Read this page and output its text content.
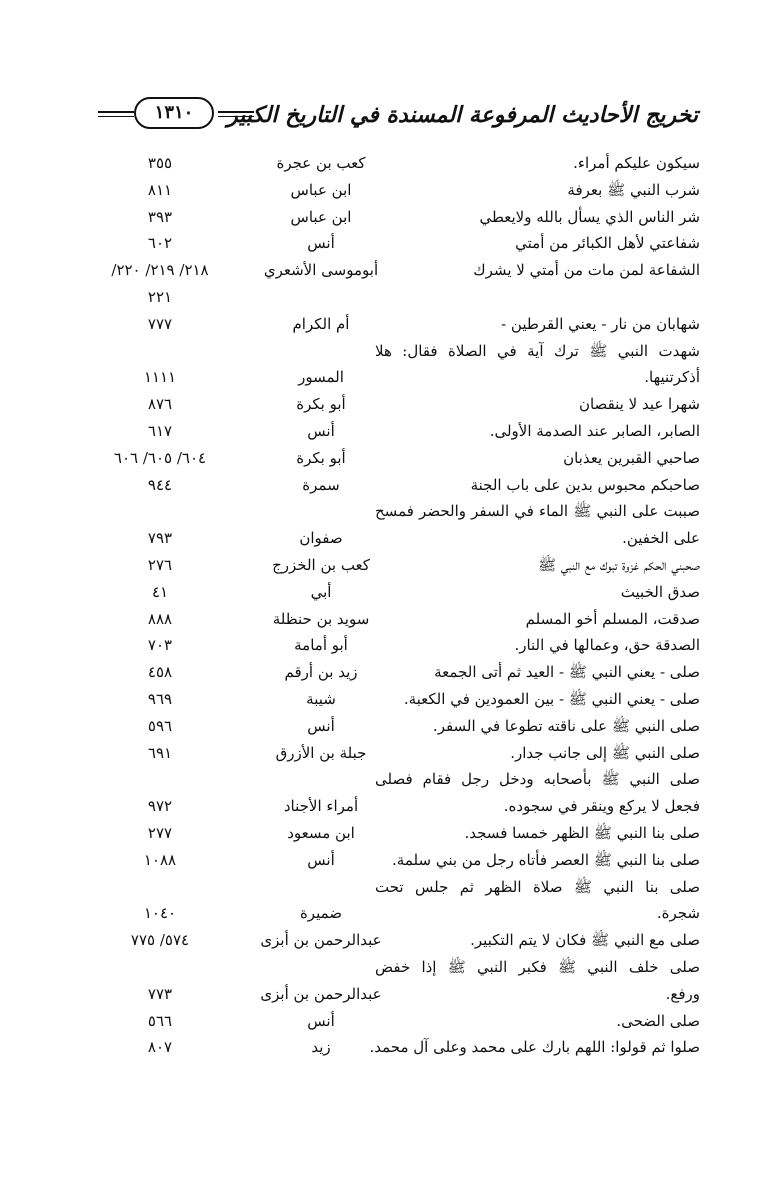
تخريج الأحاديث المرفوعة المسندة في التاريخ الكبير
١٣١٠
سيكون عليكم أمراء.
كعب بن عجرة
٣٥٥
شرب النبي ﷺ بعرفة
ابن عباس
٨١١
شر الناس الذي يسأل بالله ولايعطي
ابن عباس
٣٩٣
شفاعتي لأهل الكبائر من أمتي
أنس
٦٠٢
الشفاعة لمن مات من أمتي لا يشرك
أبوموسى الأشعري
٢١٨/ ٢١٩/ ٢٢٠/
٢٢١
شهابان من نار - يعني القرطين -
أم الكرام
٧٧٧
شهدت النبي ﷺ ترك آية في الصلاة فقال: هلا
أذكرتنيها.
المسور
١١١١
شهرا عيد لا ينقصان
أبو بكرة
٨٧٦
الصابر، الصابر عند الصدمة الأولى.
أنس
٦١٧
صاحبي القبرين يعذبان
أبو بكرة
٦٠٤/ ٦٠٥/ ٦٠٦
صاحبكم محبوس بدين على باب الجنة
سمرة
٩٤٤
صببت على النبي ﷺ الماء في السفر والحضر فمسح
على الخفين.
صفوان
٧٩٣
صحبني الحكم غزوة تبوك مع النبي ﷺ
كعب بن الخزرج
٢٧٦
صدق الخبيث
أبي
٤١
صدقت، المسلم أخو المسلم
سويد بن حنظلة
٨٨٨
الصدقة حق، وعمالها في النار.
أبو أمامة
٧٠٣
صلى - يعني النبي ﷺ - العيد ثم أتى الجمعة
زيد بن أرقم
٤٥٨
صلى - يعني النبي ﷺ - بين العمودين في الكعبة.
شيبة
٩٦٩
صلى النبي ﷺ على ناقته تطوعا في السفر.
أنس
٥٩٦
صلى النبي ﷺ إلى جانب جدار.
جبلة بن الأزرق
٦٩١
صلى النبي ﷺ بأصحابه ودخل رجل فقام فصلى
فجعل لا يركع وينقر في سجوده.
أمراء الأجناد
٩٧٢
صلى بنا النبي ﷺ الظهر خمسا فسجد.
ابن مسعود
٢٧٧
صلى بنا النبي ﷺ العصر فأتاه رجل من بني سلمة.
أنس
١٠٨٨
صلى بنا النبي ﷺ صلاة الظهر ثم جلس تحت
شجرة.
ضميرة
١٠٤٠
صلى مع النبي ﷺ فكان لا يتم التكبير.
عبدالرحمن بن أبزى
٥٧٤/ ٧٧٥
صلى خلف النبي ﷺ فكبر النبي ﷺ إذا خفض
ورفع.
عبدالرحمن بن أبزى
٧٧٣
صلى الضحى.
أنس
٥٦٦
صلوا ثم قولوا: اللهم بارك على محمد وعلى آل محمد.
زيد
٨٠٧
